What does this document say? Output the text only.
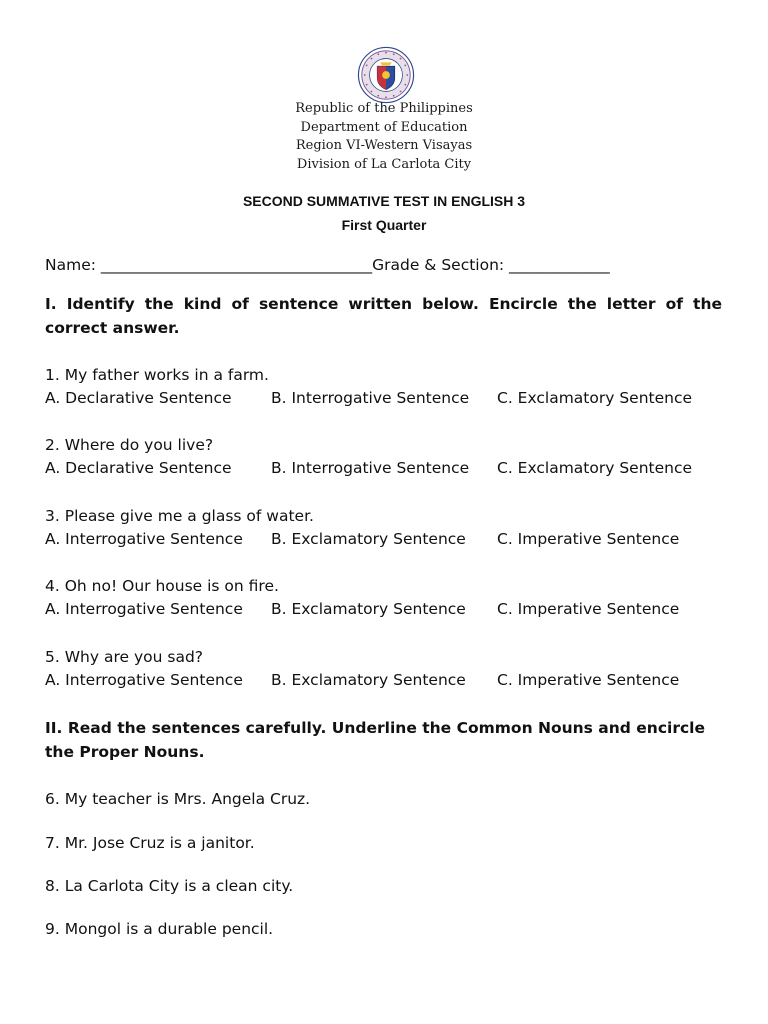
Republic of the Philippines
Department of Education
Region VI-Western Visayas
Division of La Carlota City
SECOND SUMMATIVE TEST IN ENGLISH 3
First Quarter
Name: ___________________________________Grade & Section: _____________
I. Identify the kind of sentence written below. Encircle the letter of the correct answer.
1. My father works in a farm.
A. Declarative Sentence	B. Interrogative Sentence C. Exclamatory Sentence
2. Where do you live?
A. Declarative Sentence	B. Interrogative Sentence C. Exclamatory Sentence
3. Please give me a glass of water.
A. Interrogative Sentence B. Exclamatory Sentence C. Imperative Sentence
4. Oh no! Our house is on fire.
A. Interrogative Sentence B. Exclamatory Sentence C. Imperative Sentence
5. Why are you sad?
A. Interrogative Sentence B. Exclamatory Sentence C. Imperative Sentence
II. Read the sentences carefully. Underline the Common Nouns and encircle the Proper Nouns.
6. My teacher is Mrs. Angela Cruz.
7. Mr. Jose Cruz is a janitor.
8. La Carlota City is a clean city.
9. Mongol is a durable pencil.
